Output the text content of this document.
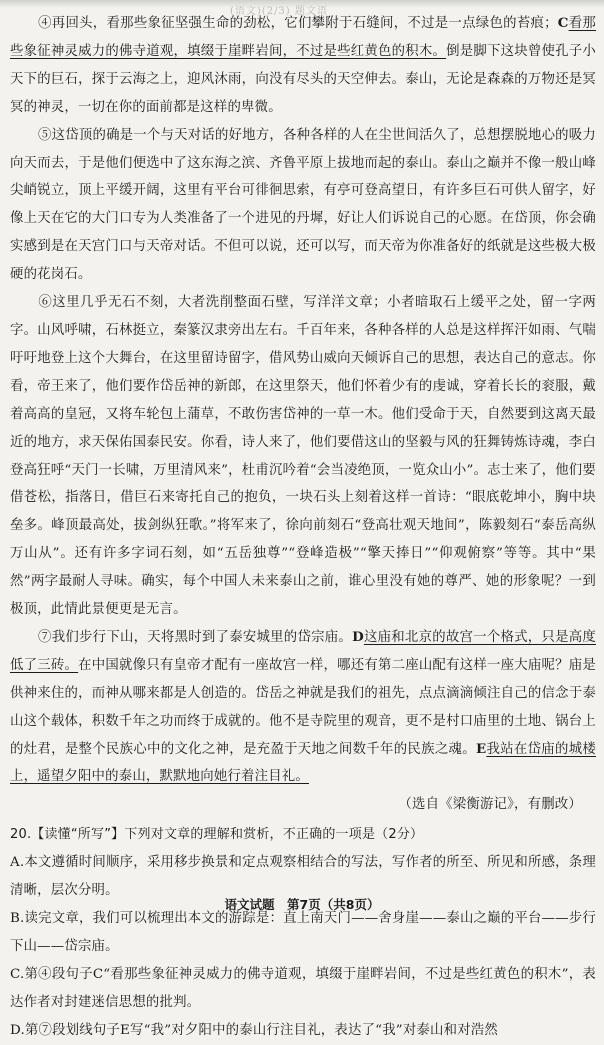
(语文)(2/3) 题文语

④再回头，看那些象征坚强生命的劲松，它们攀附于石缝间，不过是一点绿色的苔痕；C看那些象征神灵威力的佛寺道观，填缀于崖畔岩间，不过是些红黄色的积木。倒是脚下这块曾使孔子小天下的巨石，探于云海之上，迎风沐雨，向没有尽头的天空伸去。泰山，无论是森森的万物还是冥冥的神灵，一切在你的面前都是这样的卑微。

⑤这岱顶的确是一个与天对话的好地方，各种各样的人在尘世间活久了，总想摆脱地心的吸力向天而去，于是他们便选中了这东海之滨、齐鲁平原上拔地而起的泰山。泰山之巅并不像一般山峰尖峭锐立，顶上平缓开阔，这里有平台可徘徊思索，有亭可登高望日，有许多巨石可供人留字，好像上天在它的大门口专为人类准备了一个进见的丹墀，好让人们诉说自己的心愿。在岱顶，你会确实感到是在天宫门口与天帝对话。不但可以说，还可以写，而天帝为你准备好的纸就是这些极大极硬的花岗石。

⑥这里几乎无石不刻，大者洗削整面石壁，写洋洋文章；小者暗取石上缓平之处，留一字两字。山风呼啸，石林挺立，秦篆汉隶旁出左右。千百年来，各种各样的人总是这样挥汗如雨、气喘吁吁地登上这个大舞台，在这里留诗留字，借风势山威向天倾诉自己的思想，表达自己的意志。你看，帝王来了，他们要作岱岳神的新郎，在这里祭天，他们怀着少有的虔诚，穿着长长的衮服，戴着高高的皇冠，又将车轮包上蒲草，不敢伤害岱神的一草一木。他们受命于天，自然要到这离天最近的地方，求天保佑国泰民安。你看，诗人来了，他们要借这山的坚毅与风的狂舞铸炼诗魂，李白登高狂呼“天门一长啸，万里清风来”，杜甫沉吟着“会当凌绝顶，一览众山小”。志士来了，他们要借苍松，指落日，借巨石来寄托自己的抱负，一块石头上刻着这样一首诗：“眼底乾坤小，胸中块垒多。峰顶最高处，拔剑纵狂歌。”将军来了，徐向前刻石“登高壮观天地间”，陈毅刻石“泰岳高纵万山从”。还有许多字词石刻，如“五岳独尊”“登峰造极”“擎天捧日”“仰观俯察”等等。其中“果然”两字最耐人寻味。确实，每个中国人未来泰山之前，谁心里没有她的尊严、她的形象呢？一到极顶，此情此景便更是无言。

⑦我们步行下山，天将黑时到了泰安城里的岱宗庙。D这庙和北京的故宫一个格式，只是高度低了三砖。在中国就像只有皇帝才配有一座故宫一样，哪还有第二座山配有这样一座大庙呢？庙是供神来住的，而神从哪来都是人创造的。岱岳之神就是我们的祖先，点点滴滴倾注自己的信念于泰山这个载体，积数千年之功而终于成就的。他不是寺院里的观音，更不是村口庙里的土地、锅台上的灶君，是整个民族心中的文化之神，是充盈于天地之间数千年的民族之魂。E我站在岱庙的城楼上，遥望夕阳中的泰山，默默地向她行着注目礼。

（选自《梁衡游记》，有删改）

20.【读懂“所写”】下列对文章的理解和赏析，不正确的一项是（2分）

A.本文遵循时间顺序，采用移步换景和定点观察相结合的写法，写作者的所至、所见和所感，条理清晰，层次分明。

B.读完文章，我们可以梳理出本文的游踪是：直上南天门——舍身崖——泰山之巅的平台——步行下山——岱宗庙。

C.第④段句子C“看那些象征神灵威力的佛寺道观，填缀于崖畔岩间，不过是些红黄色的积木”，表达作者对封建迷信思想的批判。

D.第⑦段划线句子E写“我”对夕阳中的泰山行注目礼，表达了“我”对泰山和对浩然

语文试题　第7页（共8页）
